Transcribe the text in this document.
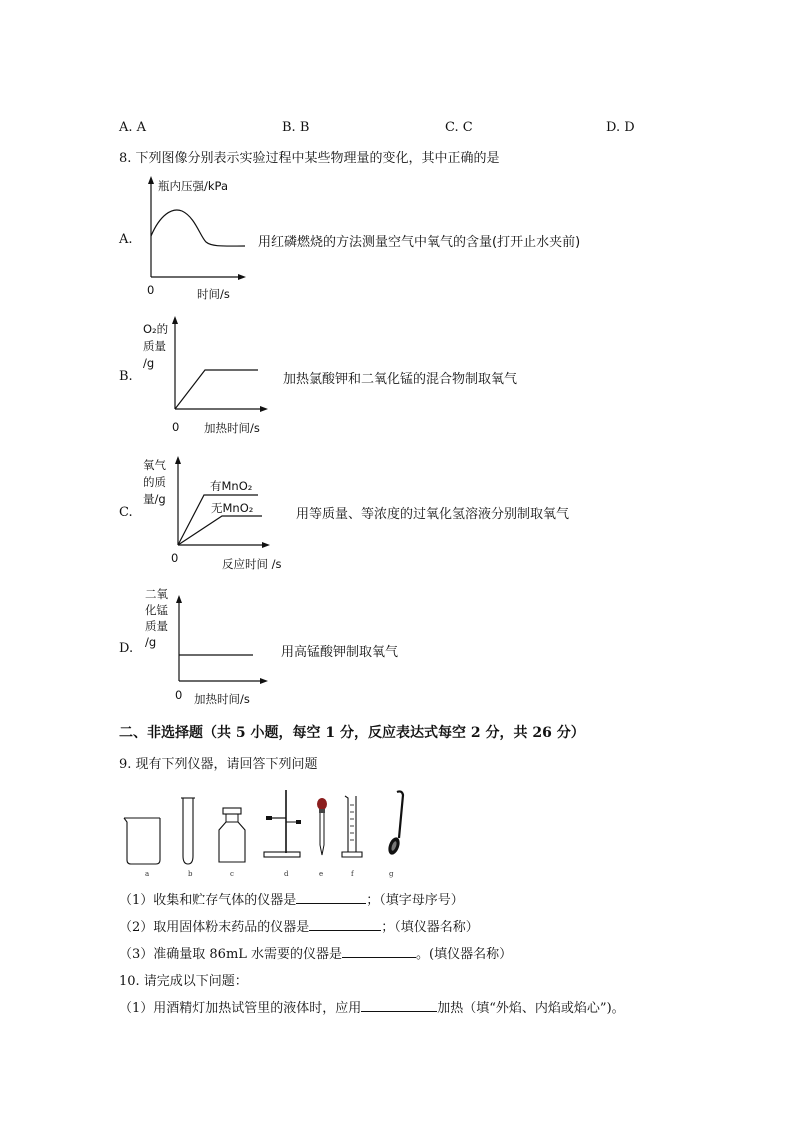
A. A	B. B	C. C	D. D
8. 下列图像分别表示实验过程中某些物理量的变化，其中正确的是
A.
瓶内压强/kPa
0	时间/s
用红磷燃烧的方法测量空气中氧气的含量(打开止水夹前)
B.
O₂的
质量
/g
0 加热时间/s
加热氯酸钾和二氧化锰的混合物制取氧气
C.
氧气
的质
量/g
0	反应时间 /s
有MnO₂
无MnO₂	用等质量、等浓度的过氧化氢溶液分别制取氧气
D.
二氧
化锰
质量
/g
0 加热时间/s
用高锰酸钾制取氧气
二、非选择题（共 5 小题，每空 1 分，反应表达式每空 2 分，共 26 分）
9. 现有下列仪器，请回答下列问题
a	b	c	d	e	f	g
（1）收集和贮存气体的仪器是	；（填字母序号）
（2）取用固体粉末药品的仪器是	；（填仪器名称）
（3）准确量取 86mL 水需要的仪器是	。(填仪器名称）
10. 请完成以下问题：
（1）用酒精灯加热试管里的液体时，应用	加热（填“外焰、内焰或焰心”)。
